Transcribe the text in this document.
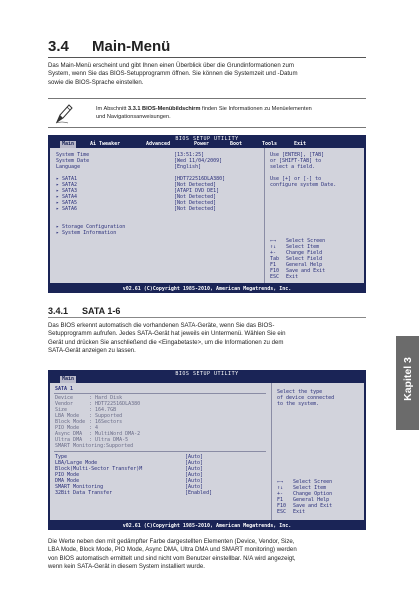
3.4 Main-Menü
Das Main-Menü erscheint und gibt Ihnen einen Überblick über die Grundinformationen zum
System, wenn Sie das BIOS-Setupprogramm öffnen. Sie können die Systemzeit und -Datum
sowie die BIOS-Sprache einstellen.
Im Abschnitt 3.3.1 BIOS-Menübildschirm finden Sie Informationen zu Menüelementen
und Navigationsanweisungen.
BIOS SETUP UTILITY
Main	Ai Tweaker	Advanced	Power	Boot	Tools	Exit
System Time	[13:51:25]
System Date	[Wed 11/04/2009]
Language	[English]
▸ SATA1	[HDT722516DLA380]
▸ SATA2	[Not Detected]
▸ SATA3	[ATAPI DVD DE1]
▸ SATA4	[Not Detected]
▸ SATA5	[Not Detected]
▸ SATA6	[Not Detected]
▸ Storage Configuration
▸ System Information
Use [ENTER], [TAB]
or [SHIFT-TAB] to
select a field.
Use [+] or [-] to
configure system Date.
←→ Select Screen
↑↓ Select Item
+- Change Field
Tab Select Field
F1 General Help
F10 Save and Exit
ESC Exit
v02.61 (C)Copyright 1985-2010, American Megatrends, Inc.
3.4.1 SATA 1-6
Das BIOS erkennt automatisch die vorhandenen SATA-Geräte, wenn Sie das BIOS-
Setupprogramm aufrufen. Jedes SATA-Gerät hat jeweils ein Untermenü. Wählen Sie ein
Gerät und drücken Sie anschließend die <Eingabetaste>, um die Informationen zu dem
SATA-Gerät anzeigen zu lassen.
BIOS SETUP UTILITY
Main
SATA 1
Device	: Hard Disk
Vendor	: HDT722516DLA380
Size	: 164.7GB
LBA Mode : Supported
Block Mode : 16Sectors
PIO Mode : 4
Async DMA : MultiWord DMA-2
Ultra DMA : Ultra DMA-5
SMART Monitoring :Supported
Type	[Auto]
LBA/Large Mode	[Auto]
Block(Multi-Sector Transfer)M	[Auto]
PIO Mode	[Auto]
DMA Mode	[Auto]
SMART Monitoring	[Auto]
32Bit Data Transfer	[Enabled]
Select the type
of device connected
to the system.
←→ Select Screen
↑↓ Select Item
+- Change Option
F1 General Help
F10 Save and Exit
ESC Exit
v02.61 (C)Copyright 1985-2010, American Megatrends, Inc.
Die Werte neben den mit gedämpfter Farbe dargestellten Elementen (Device, Vendor, Size,
LBA Mode, Block Mode, PIO Mode, Async DMA, Ultra DMA und SMART monitoring) werden
von BIOS automatisch ermittelt und sind nicht vom Benutzer einstellbar. N/A wird angezeigt,
wenn kein SATA-Gerät in diesem System installiert wurde.
Kapitel 3
